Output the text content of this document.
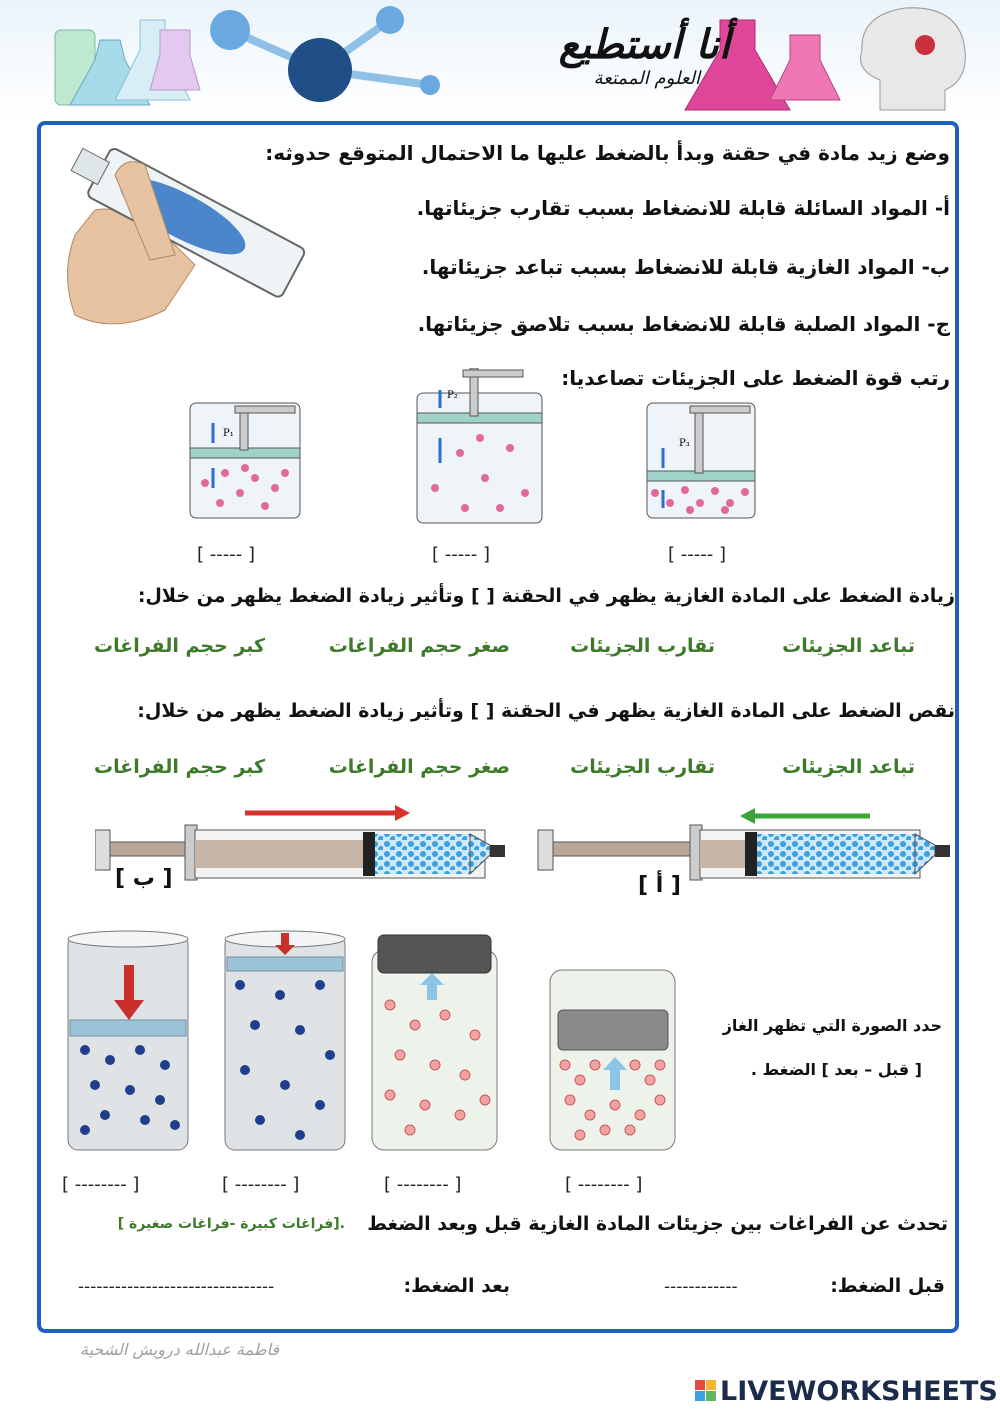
أنا أستطيع
العلوم الممتعة
وضع زيد مادة في حقنة وبدأ بالضغط عليها ما الاحتمال المتوقع حدوثه:
أ- المواد السائلة قابلة للانضغاط بسبب تقارب جزيئاتها.
ب- المواد الغازية قابلة للانضغاط بسبب تباعد جزيئاتها.
ج- المواد الصلبة قابلة للانضغاط بسبب تلاصق جزيئاتها.
رتب قوة الضغط على الجزيئات تصاعديا:
P₁
P₂
P₃
[ ----- ]	[ ----- ]	[ ----- ]
زيادة الضغط على المادة الغازية يظهر في الحقنة [ ] وتأثير زيادة الضغط يظهر من خلال:
تباعد الجزيئات
تقارب الجزيئات
صغر حجم الفراغات
كبر حجم الفراغات
نقص الضغط على المادة الغازية يظهر في الحقنة [ ] وتأثير زيادة الضغط يظهر من خلال:
تباعد الجزيئات
تقارب الجزيئات
صغر حجم الفراغات
كبر حجم الفراغات
[ ب ]	[ أ ]
حدد الصورة التي تظهر الغاز
[ قبل – بعد ] الضغط .
[ -------- ]	[ -------- ]	[ -------- ]	[ -------- ]
تحدث عن الفراغات بين جزيئات المادة الغازية قبل وبعد الضغط
.[فراغات كبيرة -فراغات صغيرة ]
قبل الضغط:
------------
بعد الضغط:
--------------------------------
فاطمة عبدالله درويش الشحية
LIVEWORKSHEETS
